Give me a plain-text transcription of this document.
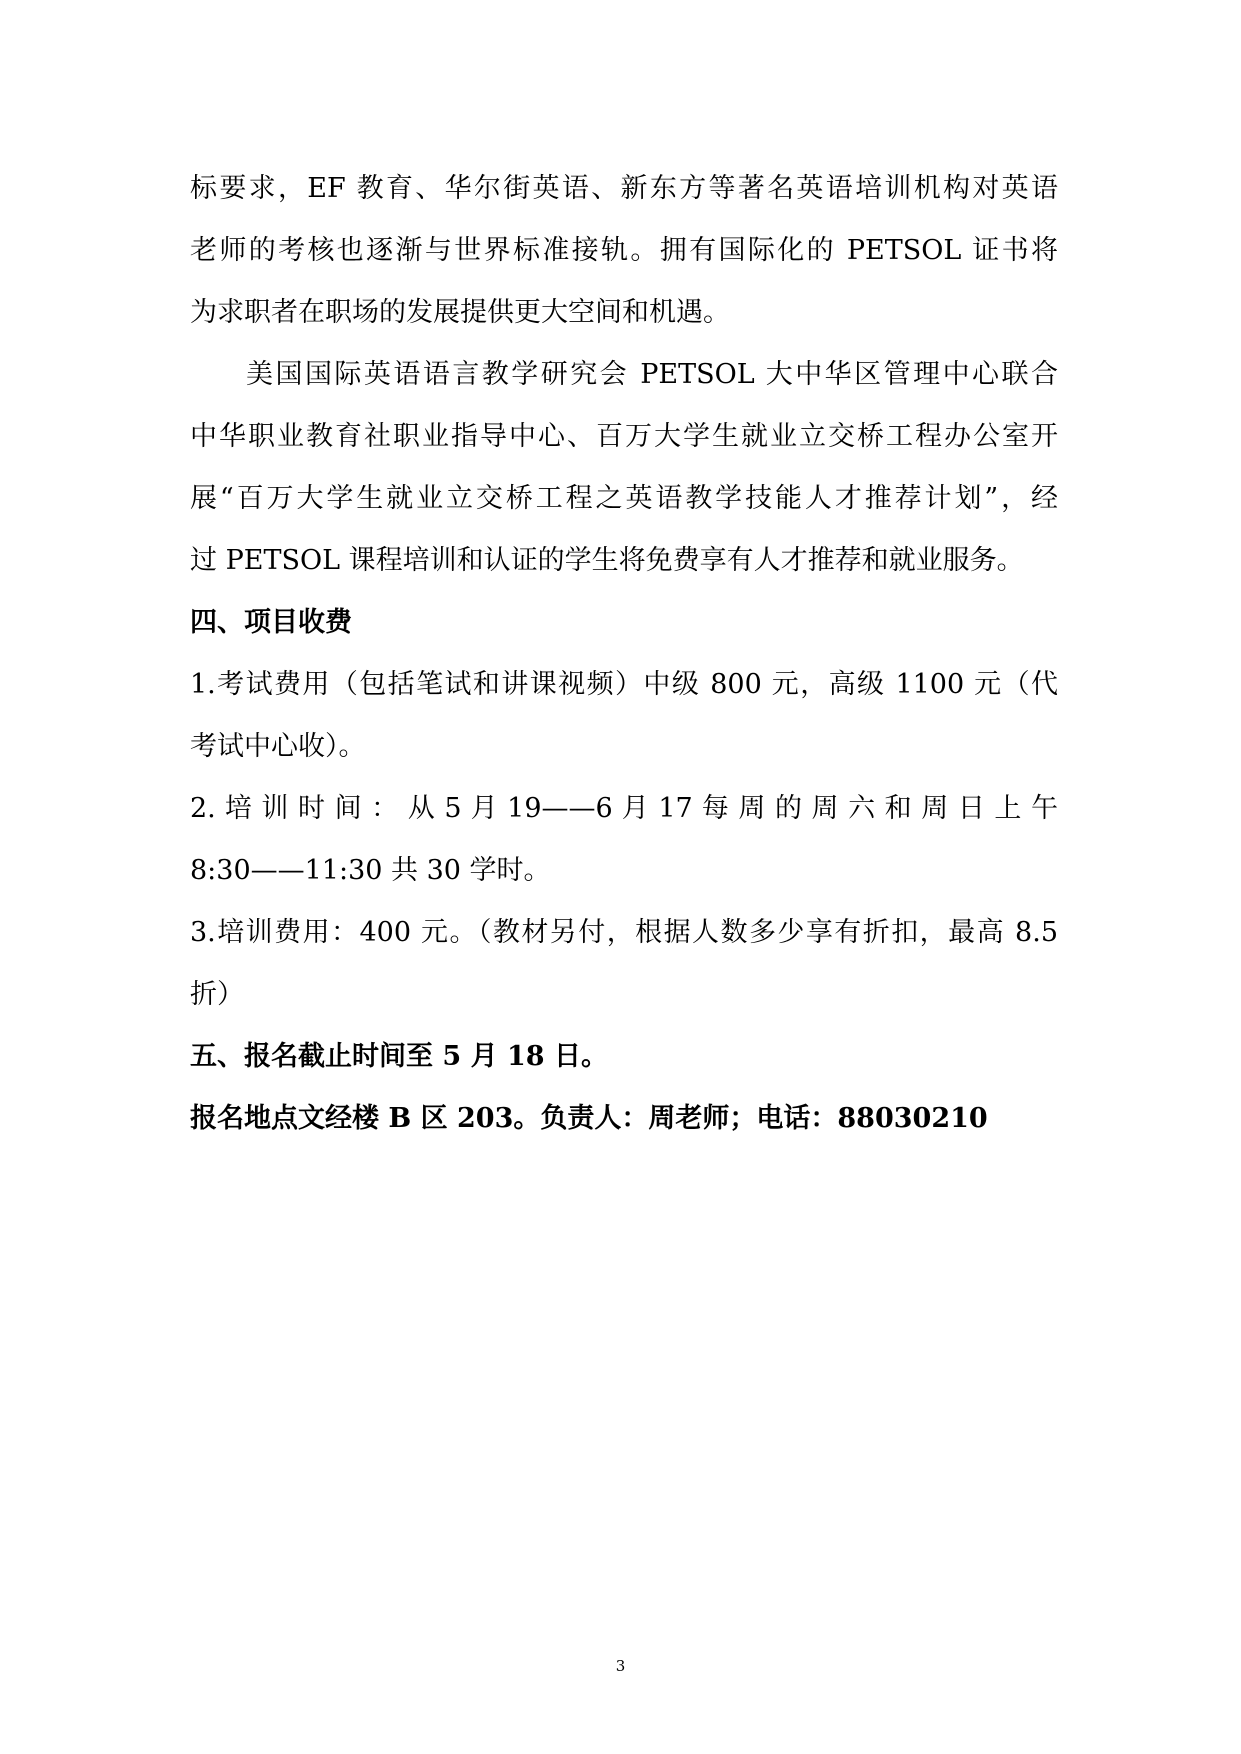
标要求，EF 教育、华尔街英语、新东方等著名英语培训机构对英语
老师的考核也逐渐与世界标准接轨。拥有国际化的 PETSOL 证书将
为求职者在职场的发展提供更大空间和机遇。
美国国际英语语言教学研究会 PETSOL 大中华区管理中心联合
中华职业教育社职业指导中心、百万大学生就业立交桥工程办公室开
展“百万大学生就业立交桥工程之英语教学技能人才推荐计划”，经
过 PETSOL 课程培训和认证的学生将免费享有人才推荐和就业服务。
四、项目收费
1.考试费用（包括笔试和讲课视频）中级 800 元，高级 1100 元（代
考试中心收）。
2. 培 训 时 间 ： 从 5 月 19——6 月 17 每 周 的 周 六 和 周 日 上 午
8:30——11:30 共 30 学时。
3.培训费用：400 元。（教材另付，根据人数多少享有折扣，最高 8.5
折）
五、报名截止时间至 5 月 18 日。
报名地点文经楼 B 区 203。负责人：周老师；电话：88030210
3
